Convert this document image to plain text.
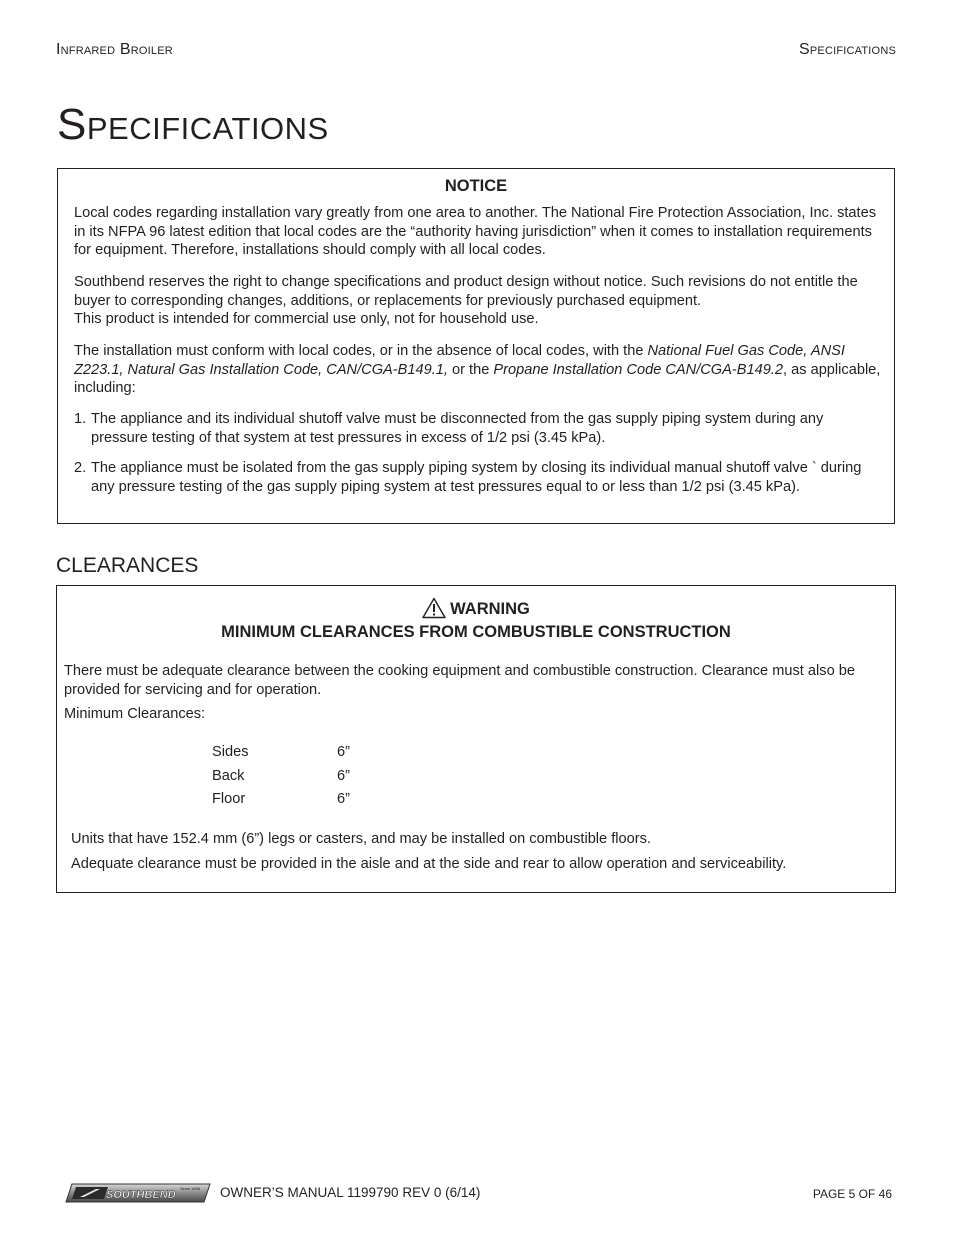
Infrared Broiler	Specifications
Specifications
NOTICE

Local codes regarding installation vary greatly from one area to another. The National Fire Protection Association, Inc. states in its NFPA 96 latest edition that local codes are the “authority having jurisdiction” when it comes to installation requirements for equipment. Therefore, installations should comply with all local codes.

Southbend reserves the right to change specifications and product design without notice. Such revisions do not entitle the buyer to corresponding changes, additions, or replacements for previously purchased equipment.
This product is intended for commercial use only, not for household use.

The installation must conform with local codes, or in the absence of local codes, with the National Fuel Gas Code, ANSI Z223.1, Natural Gas Installation Code, CAN/CGA-B149.1, or the Propane Installation Code CAN/CGA-B149.2, as applicable, including:

1. The appliance and its individual shutoff valve must be disconnected from the gas supply piping system during any pressure testing of that system at test pressures in excess of 1/2 psi (3.45 kPa).
2. The appliance must be isolated from the gas supply piping system by closing its individual manual shutoff valve ` during any pressure testing of the gas supply piping system at test pressures equal to or less than 1/2 psi (3.45 kPa).
CLEARANCES
WARNING
MINIMUM CLEARANCES FROM COMBUSTIBLE CONSTRUCTION

There must be adequate clearance between the cooking equipment and combustible construction. Clearance must also be provided for servicing and for operation.

Minimum Clearances:

Sides	6”
Back	6”
Floor	6”

Units that have 152.4 mm (6”) legs or casters, and may be installed on combustible floors.

Adequate clearance must be provided in the aisle and at the side and rear to allow operation and serviceability.

SOUTHBEND
Since 1898 OWNER’S MANUAL 1199790 REV 0 (6/14)	PAGE 5 OF 46
